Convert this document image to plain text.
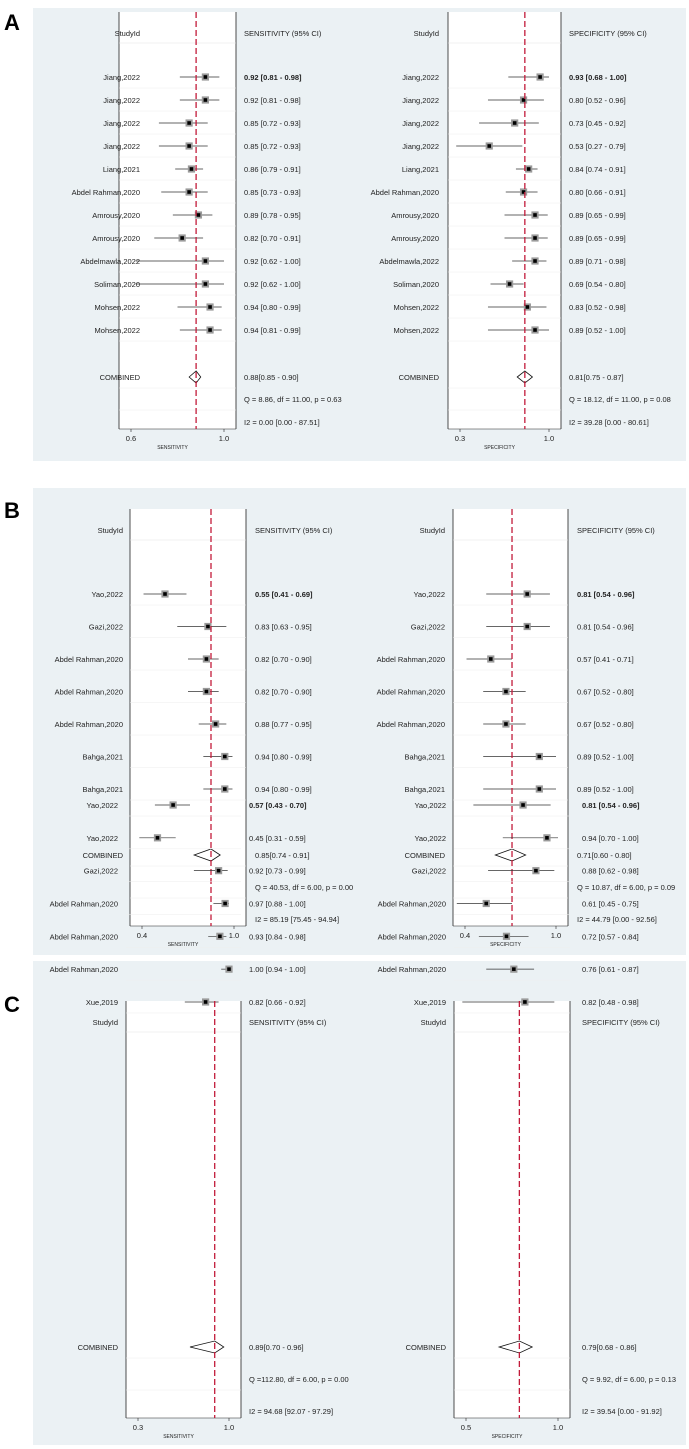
A
0.6	1.0
SENSITIVITY
StudyId	SENSITIVITY (95% CI)
Jiang,2022	0.92 [0.81 - 0.98]
Jiang,2022	0.92 [0.81 - 0.98]
Jiang,2022	0.85 [0.72 - 0.93]
Jiang,2022	0.85 [0.72 - 0.93]
Liang,2021	0.86 [0.79 - 0.91]
Abdel Rahman,2020	0.85 [0.73 - 0.93]
Amrousy,2020	0.89 [0.78 - 0.95]
Amrousy,2020	0.82 [0.70 - 0.91]
Abdelmawla,2022	0.92 [0.62 - 1.00]
Soliman,2020	0.92 [0.62 - 1.00]
Mohsen,2022	0.94 [0.80 - 0.99]
Mohsen,2022	0.94 [0.81 - 0.99]
COMBINED	0.88[0.85 - 0.90]
Q = 8.86, df = 11.00, p = 0.63
I2 = 0.00 [0.00 - 87.51]
0.3	1.0
SPECIFICITY
StudyId	SPECIFICITY (95% CI)
Jiang,2022	0.93 [0.68 - 1.00]
Jiang,2022	0.80 [0.52 - 0.96]
Jiang,2022	0.73 [0.45 - 0.92]
Jiang,2022	0.53 [0.27 - 0.79]
Liang,2021	0.84 [0.74 - 0.91]
Abdel Rahman,2020	0.80 [0.66 - 0.91]
Amrousy,2020	0.89 [0.65 - 0.99]
Amrousy,2020	0.89 [0.65 - 0.99]
Abdelmawla,2022	0.89 [0.71 - 0.98]
Soliman,2020	0.69 [0.54 - 0.80]
Mohsen,2022	0.83 [0.52 - 0.98]
Mohsen,2022	0.89 [0.52 - 1.00]
COMBINED	0.81[0.75 - 0.87]
Q = 18.12, df = 11.00, p = 0.08
I2 = 39.28 [0.00 - 80.61]
B
0.4	1.0
SENSITIVITY
StudyId	SENSITIVITY (95% CI)
Yao,2022	0.55 [0.41 - 0.69]
Gazi,2022	0.83 [0.63 - 0.95]
Abdel Rahman,2020	0.82 [0.70 - 0.90]
Abdel Rahman,2020	0.82 [0.70 - 0.90]
Abdel Rahman,2020	0.88 [0.77 - 0.95]
Bahga,2021	0.94 [0.80 - 0.99]
Bahga,2021	0.94 [0.80 - 0.99]
COMBINED	0.85[0.74 - 0.91]
Q = 40.53, df = 6.00, p = 0.00
I2 = 85.19 [75.45 - 94.94]
0.4	1.0
SPECIFICITY
StudyId	SPECIFICITY (95% CI)
Yao,2022	0.81 [0.54 - 0.96]
Gazi,2022	0.81 [0.54 - 0.96]
Abdel Rahman,2020	0.57 [0.41 - 0.71]
Abdel Rahman,2020	0.67 [0.52 - 0.80]
Abdel Rahman,2020	0.67 [0.52 - 0.80]
Bahga,2021	0.89 [0.52 - 1.00]
Bahga,2021	0.89 [0.52 - 1.00]
COMBINED	0.71[0.60 - 0.80]
Q = 10.87, df = 6.00, p = 0.09
I2 = 44.79 [0.00 - 92.56]
C
0.3	1.0
SENSITIVITY
StudyId	SENSITIVITY (95% CI)
Yao,2022	0.57 [0.43 - 0.70]
Yao,2022	0.45 [0.31 - 0.59]
Gazi,2022	0.92 [0.73 - 0.99]
Abdel Rahman,2020	0.97 [0.88 - 1.00]
Abdel Rahman,2020	0.93 [0.84 - 0.98]
Abdel Rahman,2020	1.00 [0.94 - 1.00]
Xue,2019	0.82 [0.66 - 0.92]
COMBINED	0.89[0.70 - 0.96]
Q =112.80, df = 6.00, p = 0.00
I2 = 94.68 [92.07 - 97.29]
0.5	1.0
SPECIFICITY
StudyId	SPECIFICITY (95% CI)
Yao,2022	0.81 [0.54 - 0.96]
Yao,2022	0.94 [0.70 - 1.00]
Gazi,2022	0.88 [0.62 - 0.98]
Abdel Rahman,2020	0.61 [0.45 - 0.75]
Abdel Rahman,2020	0.72 [0.57 - 0.84]
Abdel Rahman,2020	0.76 [0.61 - 0.87]
Xue,2019	0.82 [0.48 - 0.98]
COMBINED	0.79[0.68 - 0.86]
Q = 9.92, df = 6.00, p = 0.13
I2 = 39.54 [0.00 - 91.92]
